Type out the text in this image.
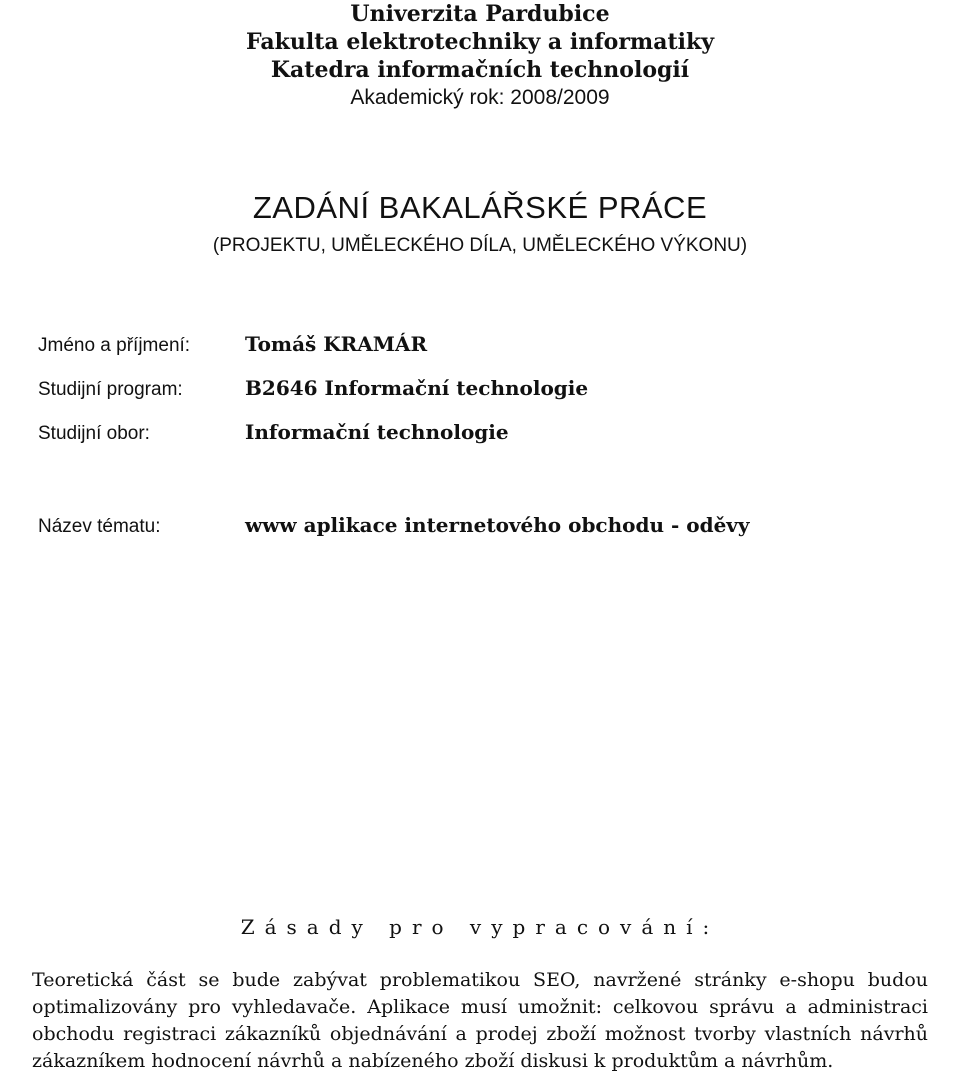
Univerzita Pardubice
Fakulta elektrotechniky a informatiky
Katedra informačních technologií
Akademický rok: 2008/2009
ZADÁNÍ BAKALÁŘSKÉ PRÁCE
(PROJEKTU, UMĚLECKÉHO DÍLA, UMĚLECKÉHO VÝKONU)
Jméno a příjmení:	Tomáš KRAMÁR
Studijní program:	B2646 Informační technologie
Studijní obor:	Informační technologie
Název tématu:	www aplikace internetového obchodu - oděvy
Zásady pro vypracování:
Teoretická část se bude zabývat problematikou SEO, navržené stránky e-shopu budou optimalizovány pro vyhledavače. Aplikace musí umožnit: celkovou správu a administraci obchodu registraci zákazníků objednávání a prodej zboží možnost tvorby vlastních návrhů zákazníkem hodnocení návrhů a nabízeného zboží diskusi k produktům a návrhům.
